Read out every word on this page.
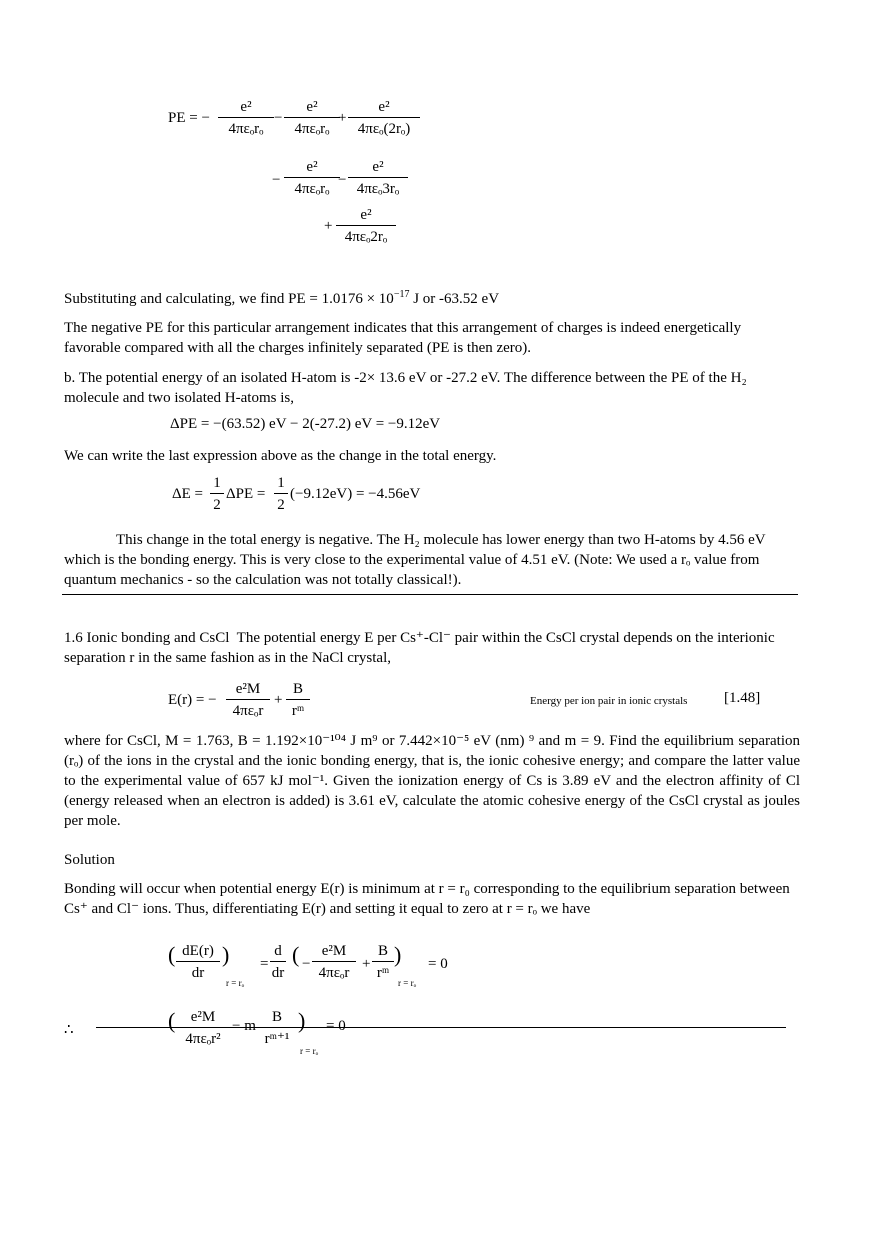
PE = −
e²
4πεₒrₒ
−
e²
4πεₒrₒ
+
e²
4πεₒ(2rₒ)
−
e²
4πεₒrₒ
−
e²
4πεₒ3rₒ
+
e²
4πεₒ2rₒ
Substituting and calculating, we find PE = $1.0176 \times 10^{-17}$ J or -63.52 eV
The negative PE for this particular arrangement indicates that this arrangement of charges is indeed energetically favorable compared with all the charges infinitely separated (PE is then zero).
b. The potential energy of an isolated H-atom is -2× 13.6 eV or -27.2 eV. The difference between the PE of the H₂ molecule and two isolated H-atoms is,
ΔPE = −(63.52) eV − 2(-27.2) eV = −9.12eV
We can write the last expression above as the change in the total energy.
ΔE =
1
2
ΔPE =
1
2
(−9.12eV) = −4.56eV
This change in the total energy is negative. The H₂ molecule has lower energy than two H-atoms by 4.56 eV which is the bonding energy. This is very close to the experimental value of 4.51 eV. (Note: We used a rₒ value from quantum mechanics - so the calculation was not totally classical!).
1.6 Ionic bonding and CsCl The potential energy E per Cs⁺-Cl⁻ pair within the CsCl crystal depends on the interionic separation r in the same fashion as in the NaCl crystal,
E(r) = −
e²M
4πεₒr
+
B
rᵐ
Energy per ion pair in ionic crystals [1.48]
where for CsCl, M = 1.763, B = 1.192×10⁻¹⁰⁴ J m⁹ or 7.442×10⁻⁵ eV (nm) ⁹ and m = 9. Find the equilibrium separation (rₒ) of the ions in the crystal and the ionic bonding energy, that is, the ionic cohesive energy; and compare the latter value to the experimental value of 657 kJ mol⁻¹. Given the ionization energy of Cs is 3.89 eV and the electron affinity of Cl (energy released when an electron is added) is 3.61 eV, calculate the atomic cohesive energy of the CsCl crystal as joules per mole.
Solution
Bonding will occur when potential energy E(r) is minimum at r = r₀ corresponding to the equilibrium separation between Cs⁺ and Cl⁻ ions. Thus, differentiating E(r) and setting it equal to zero at r = rₒ we have
( dE(r)
dr
)
r = rₒ
=
d
dr
( −
e²M
4πεₒr
+
B
rᵐ
)
r = rₒ
= 0
∴	(	e²M
4πεₒr²
− m
B
rᵐ⁺¹
)
r = rₒ
= 0
